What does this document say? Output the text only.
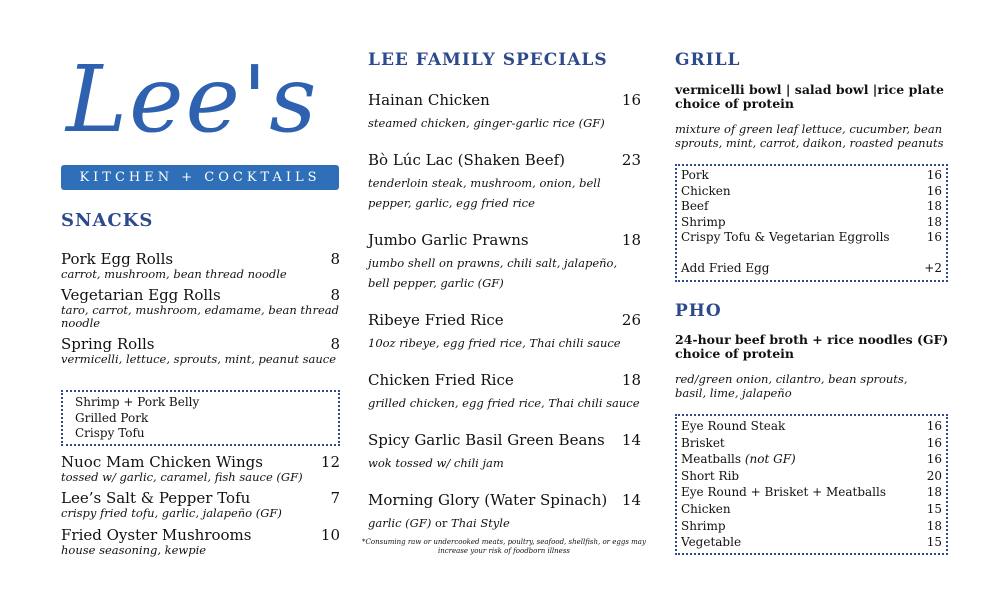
Lee's
KITCHEN + COCKTAILS
SNACKS
Pork Egg Rolls	8
carrot, mushroom, bean thread noodle
Vegetarian Egg Rolls	8
taro, carrot, mushroom, edamame, bean thread noodle
Spring Rolls	8
vermicelli, lettuce, sprouts, mint, peanut sauce
Shrimp + Pork Belly
Grilled Pork
Crispy Tofu
Nuoc Mam Chicken Wings	12
tossed w/ garlic, caramel, fish sauce (GF)
Lee’s Salt & Pepper Tofu	7
crispy fried tofu, garlic, jalapeño (GF)
Fried Oyster Mushrooms	10
house seasoning, kewpie
LEE FAMILY SPECIALS
Hainan Chicken	16
steamed chicken, ginger-garlic rice (GF)
Bò Lúc Lac (Shaken Beef)	23
tenderloin steak, mushroom, onion, bell pepper, garlic, egg fried rice
Jumbo Garlic Prawns	18
jumbo shell on prawns, chili salt, jalapeño, bell pepper, garlic (GF)
Ribeye Fried Rice	26
10oz ribeye, egg fried rice, Thai chili sauce
Chicken Fried Rice	18
grilled chicken, egg fried rice, Thai chili sauce
Spicy Garlic Basil Green Beans	14
wok tossed w/ chili jam
Morning Glory (Water Spinach) 14
garlic (GF) or Thai Style
*Consuming raw or undercooked meats, poultry, seafood, shellfish, or eggs may increase your risk of foodborn illness
GRILL
vermicelli bowl | salad bowl |rice plate choice of protein
mixture of green leaf lettuce, cucumber, bean sprouts, mint, carrot, daikon, roasted peanuts
Pork	16
Chicken	16
Beef	18
Shrimp	18
Crispy Tofu & Vegetarian Eggrolls	16
Add Fried Egg	+2
PHO
24-hour beef broth + rice noodles (GF) choice of protein
red/green onion, cilantro, bean sprouts, basil, lime, jalapeño
Eye Round Steak	16
Brisket	16
Meatballs (not GF)	16
Short Rib	20
Eye Round + Brisket + Meatballs	18
Chicken	15
Shrimp	18
Vegetable	15
